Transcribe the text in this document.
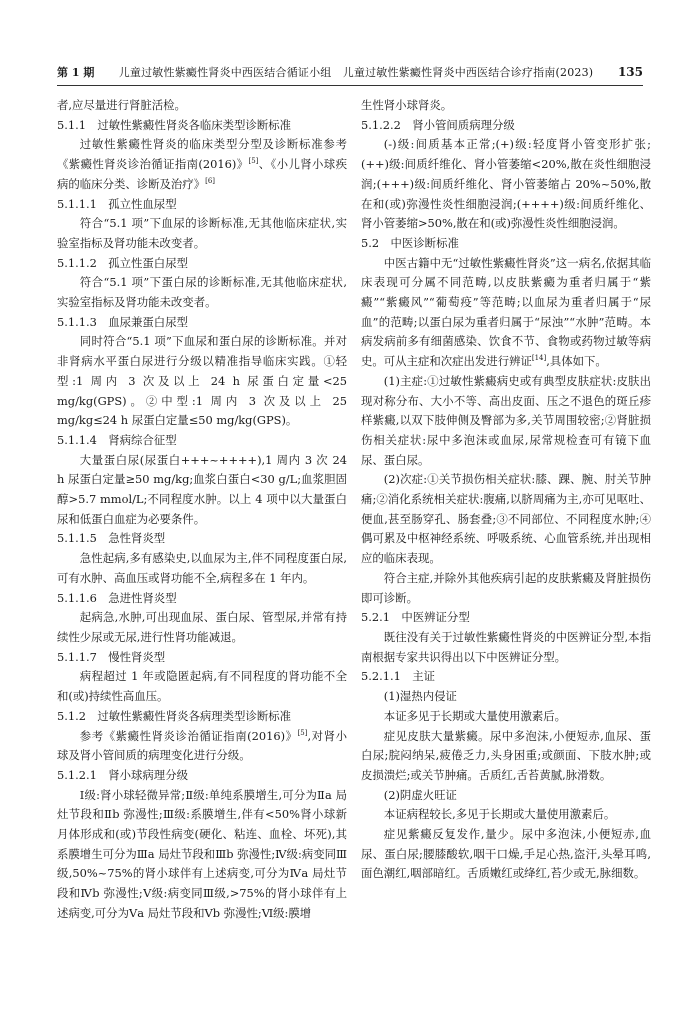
第 1 期	儿童过敏性紫癜性肾炎中西医结合循证小组　儿童过敏性紫癜性肾炎中西医结合诊疗指南(2023)	135

者,应尽量进行肾脏活检。

5.1.1　过敏性紫癜性肾炎各临床类型诊断标准

过敏性紫癜性肾炎的临床类型分型及诊断标准参考《紫癜性肾炎诊治循证指南(2016)》[5]、《小儿肾小球疾病的临床分类、诊断及治疗》[6]

5.1.1.1　孤立性血尿型

符合“5.1 项”下血尿的诊断标准,无其他临床症状,实验室指标及肾功能未改变者。

5.1.1.2　孤立性蛋白尿型

符合“5.1 项”下蛋白尿的诊断标准,无其他临床症状,实验室指标及肾功能未改变者。

5.1.1.3　血尿兼蛋白尿型

同时符合“5.1 项”下血尿和蛋白尿的诊断标准。并对非肾病水平蛋白尿进行分级以精准指导临床实践。①轻型:1 周内 3 次及以上 24 h 尿蛋白定量<25 mg/kg(GPS)。②中型:1 周内 3 次及以上 25 mg/kg≤24 h 尿蛋白定量≤50 mg/kg(GPS)。

5.1.1.4　肾病综合征型

大量蛋白尿(尿蛋白+++~++++),1 周内 3 次 24 h 尿蛋白定量≥50 mg/kg;血浆白蛋白<30 g/L;血浆胆固醇>5.7 mmol/L;不同程度水肿。以上 4 项中以大量蛋白尿和低蛋白血症为必要条件。

5.1.1.5　急性肾炎型

急性起病,多有感染史,以血尿为主,伴不同程度蛋白尿,可有水肿、高血压或肾功能不全,病程多在 1 年内。

5.1.1.6　急进性肾炎型

起病急,水肿,可出现血尿、蛋白尿、管型尿,并常有持续性少尿或无尿,进行性肾功能减退。

5.1.1.7　慢性肾炎型

病程超过 1 年或隐匿起病,有不同程度的肾功能不全和(或)持续性高血压。

5.1.2　过敏性紫癜性肾炎各病理类型诊断标准

参考《紫癜性肾炎诊治循证指南(2016)》[5],对肾小球及肾小管间质的病理变化进行分级。

5.1.2.1　肾小球病理分级

Ⅰ级:肾小球轻微异常;Ⅱ级:单纯系膜增生,可分为Ⅱa 局灶节段和Ⅱb 弥漫性;Ⅲ级:系膜增生,伴有<50%肾小球新月体形成和(或)节段性病变(硬化、粘连、血栓、坏死),其系膜增生可分为Ⅲa 局灶节段和Ⅲb 弥漫性;Ⅳ级:病变同Ⅲ级,50%~75%的肾小球伴有上述病变,可分为Ⅳa 局灶节段和Ⅳb 弥漫性;Ⅴ级:病变同Ⅲ级,>75%的肾小球伴有上述病变,可分为Ⅴa 局灶节段和Ⅴb 弥漫性;Ⅵ级:膜增

生性肾小球肾炎。

5.1.2.2　肾小管间质病理分级

(-)级:间质基本正常;(+)级:轻度肾小管变形扩张;(++)级:间质纤维化、肾小管萎缩<20%,散在炎性细胞浸润;(+++)级:间质纤维化、肾小管萎缩占 20%~50%,散在和(或)弥漫性炎性细胞浸润;(++++)级:间质纤维化、肾小管萎缩>50%,散在和(或)弥漫性炎性细胞浸润。

5.2　中医诊断标准

中医古籍中无“过敏性紫癜性肾炎”这一病名,依据其临床表现可分属不同范畴,以皮肤紫癜为重者归属于“紫癜”“紫癜风”“葡萄疫”等范畴;以血尿为重者归属于“尿血”的范畴;以蛋白尿为重者归属于“尿浊”“水肿”范畴。本病发病前多有细菌感染、饮食不节、食物或药物过敏等病史。可从主症和次症出发进行辨证[14],具体如下。

(1)主症:①过敏性紫癜病史或有典型皮肤症状:皮肤出现对称分布、大小不等、高出皮面、压之不退色的斑丘疹样紫癜,以双下肢伸侧及臀部为多,关节周围较密;②肾脏损伤相关症状:尿中多泡沫或血尿,尿常规检查可有镜下血尿、蛋白尿。

(2)次症:①关节损伤相关症状:膝、踝、腕、肘关节肿痛;②消化系统相关症状:腹痛,以脐周痛为主,亦可见呕吐、便血,甚至肠穿孔、肠套叠;③不同部位、不同程度水肿;④偶可累及中枢神经系统、呼吸系统、心血管系统,并出现相应的临床表现。

符合主症,并除外其他疾病引起的皮肤紫癜及肾脏损伤即可诊断。

5.2.1　中医辨证分型

既往没有关于过敏性紫癜性肾炎的中医辨证分型,本指南根据专家共识得出以下中医辨证分型。

5.2.1.1　主证

(1)湿热内侵证

本证多见于长期或大量使用激素后。

症见皮肤大量紫癜。尿中多泡沫,小便短赤,血尿、蛋白尿;脘闷纳呆,疲倦乏力,头身困重;或颜面、下肢水肿;或皮损溃烂;或关节肿痛。舌质红,舌苔黄腻,脉滑数。

(2)阴虚火旺证

本证病程较长,多见于长期或大量使用激素后。

症见紫癜反复发作,量少。尿中多泡沫,小便短赤,血尿、蛋白尿;腰膝酸软,咽干口燥,手足心热,盗汗,头晕耳鸣,面色潮红,咽部暗红。舌质嫩红或绛红,苔少或无,脉细数。
